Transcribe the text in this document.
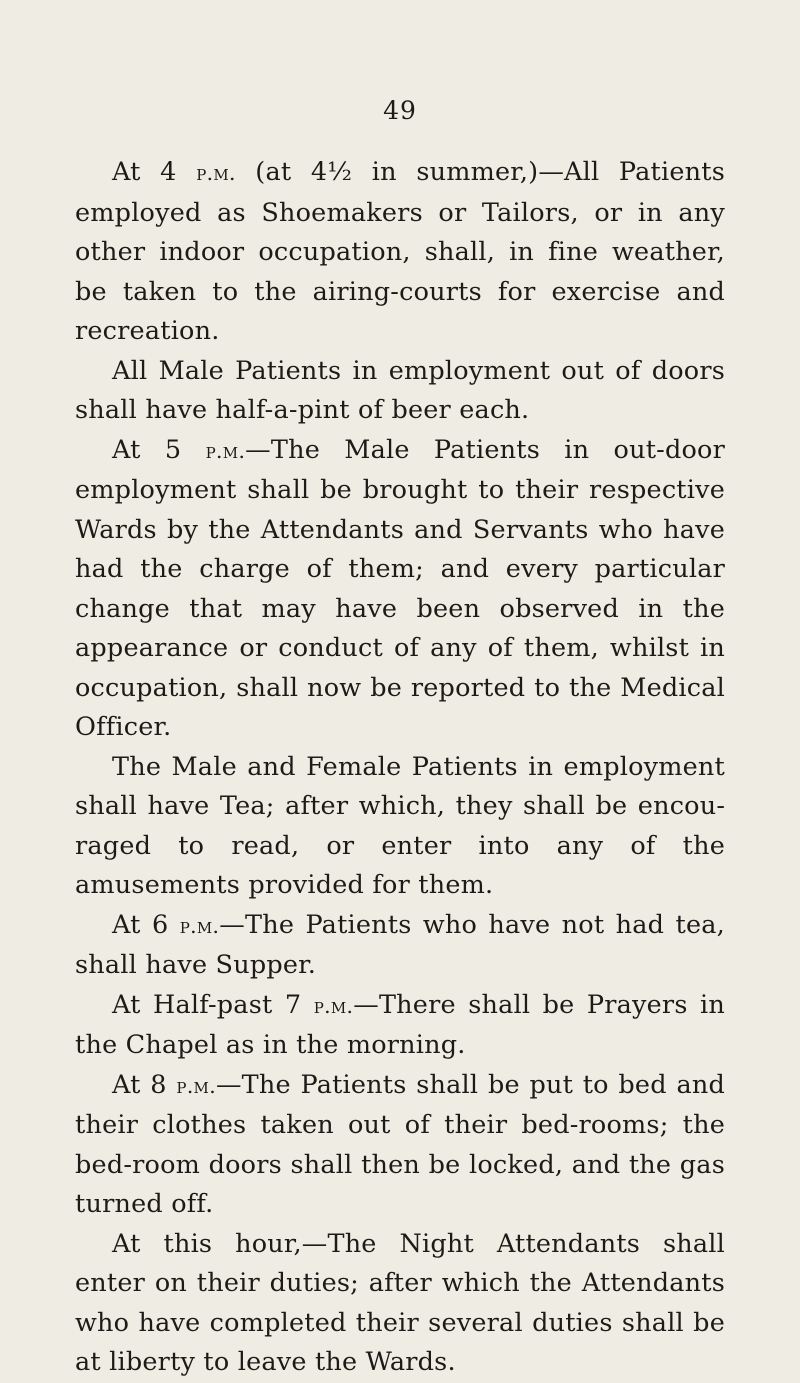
49

At 4 p.m. (at 4½ in summer,)—All Patients employed as Shoemakers or Tailors, or in any other indoor occupation, shall, in fine weather, be taken to the airing-courts for exercise and recreation.

All Male Patients in employment out of doors shall have half-a-pint of beer each.

At 5 p.m.—The Male Patients in out-door employment shall be brought to their respective Wards by the Attendants and Servants who have had the charge of them; and every particular change that may have been observed in the appearance or conduct of any of them, whilst in occupation, shall now be reported to the Medical Officer.

The Male and Female Patients in employment shall have Tea; after which, they shall be encouraged to read, or enter into any of the amusements provided for them.

At 6 p.m.—The Patients who have not had tea, shall have Supper.

At Half-past 7 p.m.—There shall be Prayers in the Chapel as in the morning.

At 8 p.m.—The Patients shall be put to bed and their clothes taken out of their bed-rooms; the bed-room doors shall then be locked, and the gas turned off.

At this hour,—The Night Attendants shall enter on their duties; after which the Attendants who have completed their several duties shall be at liberty to leave the Wards.
